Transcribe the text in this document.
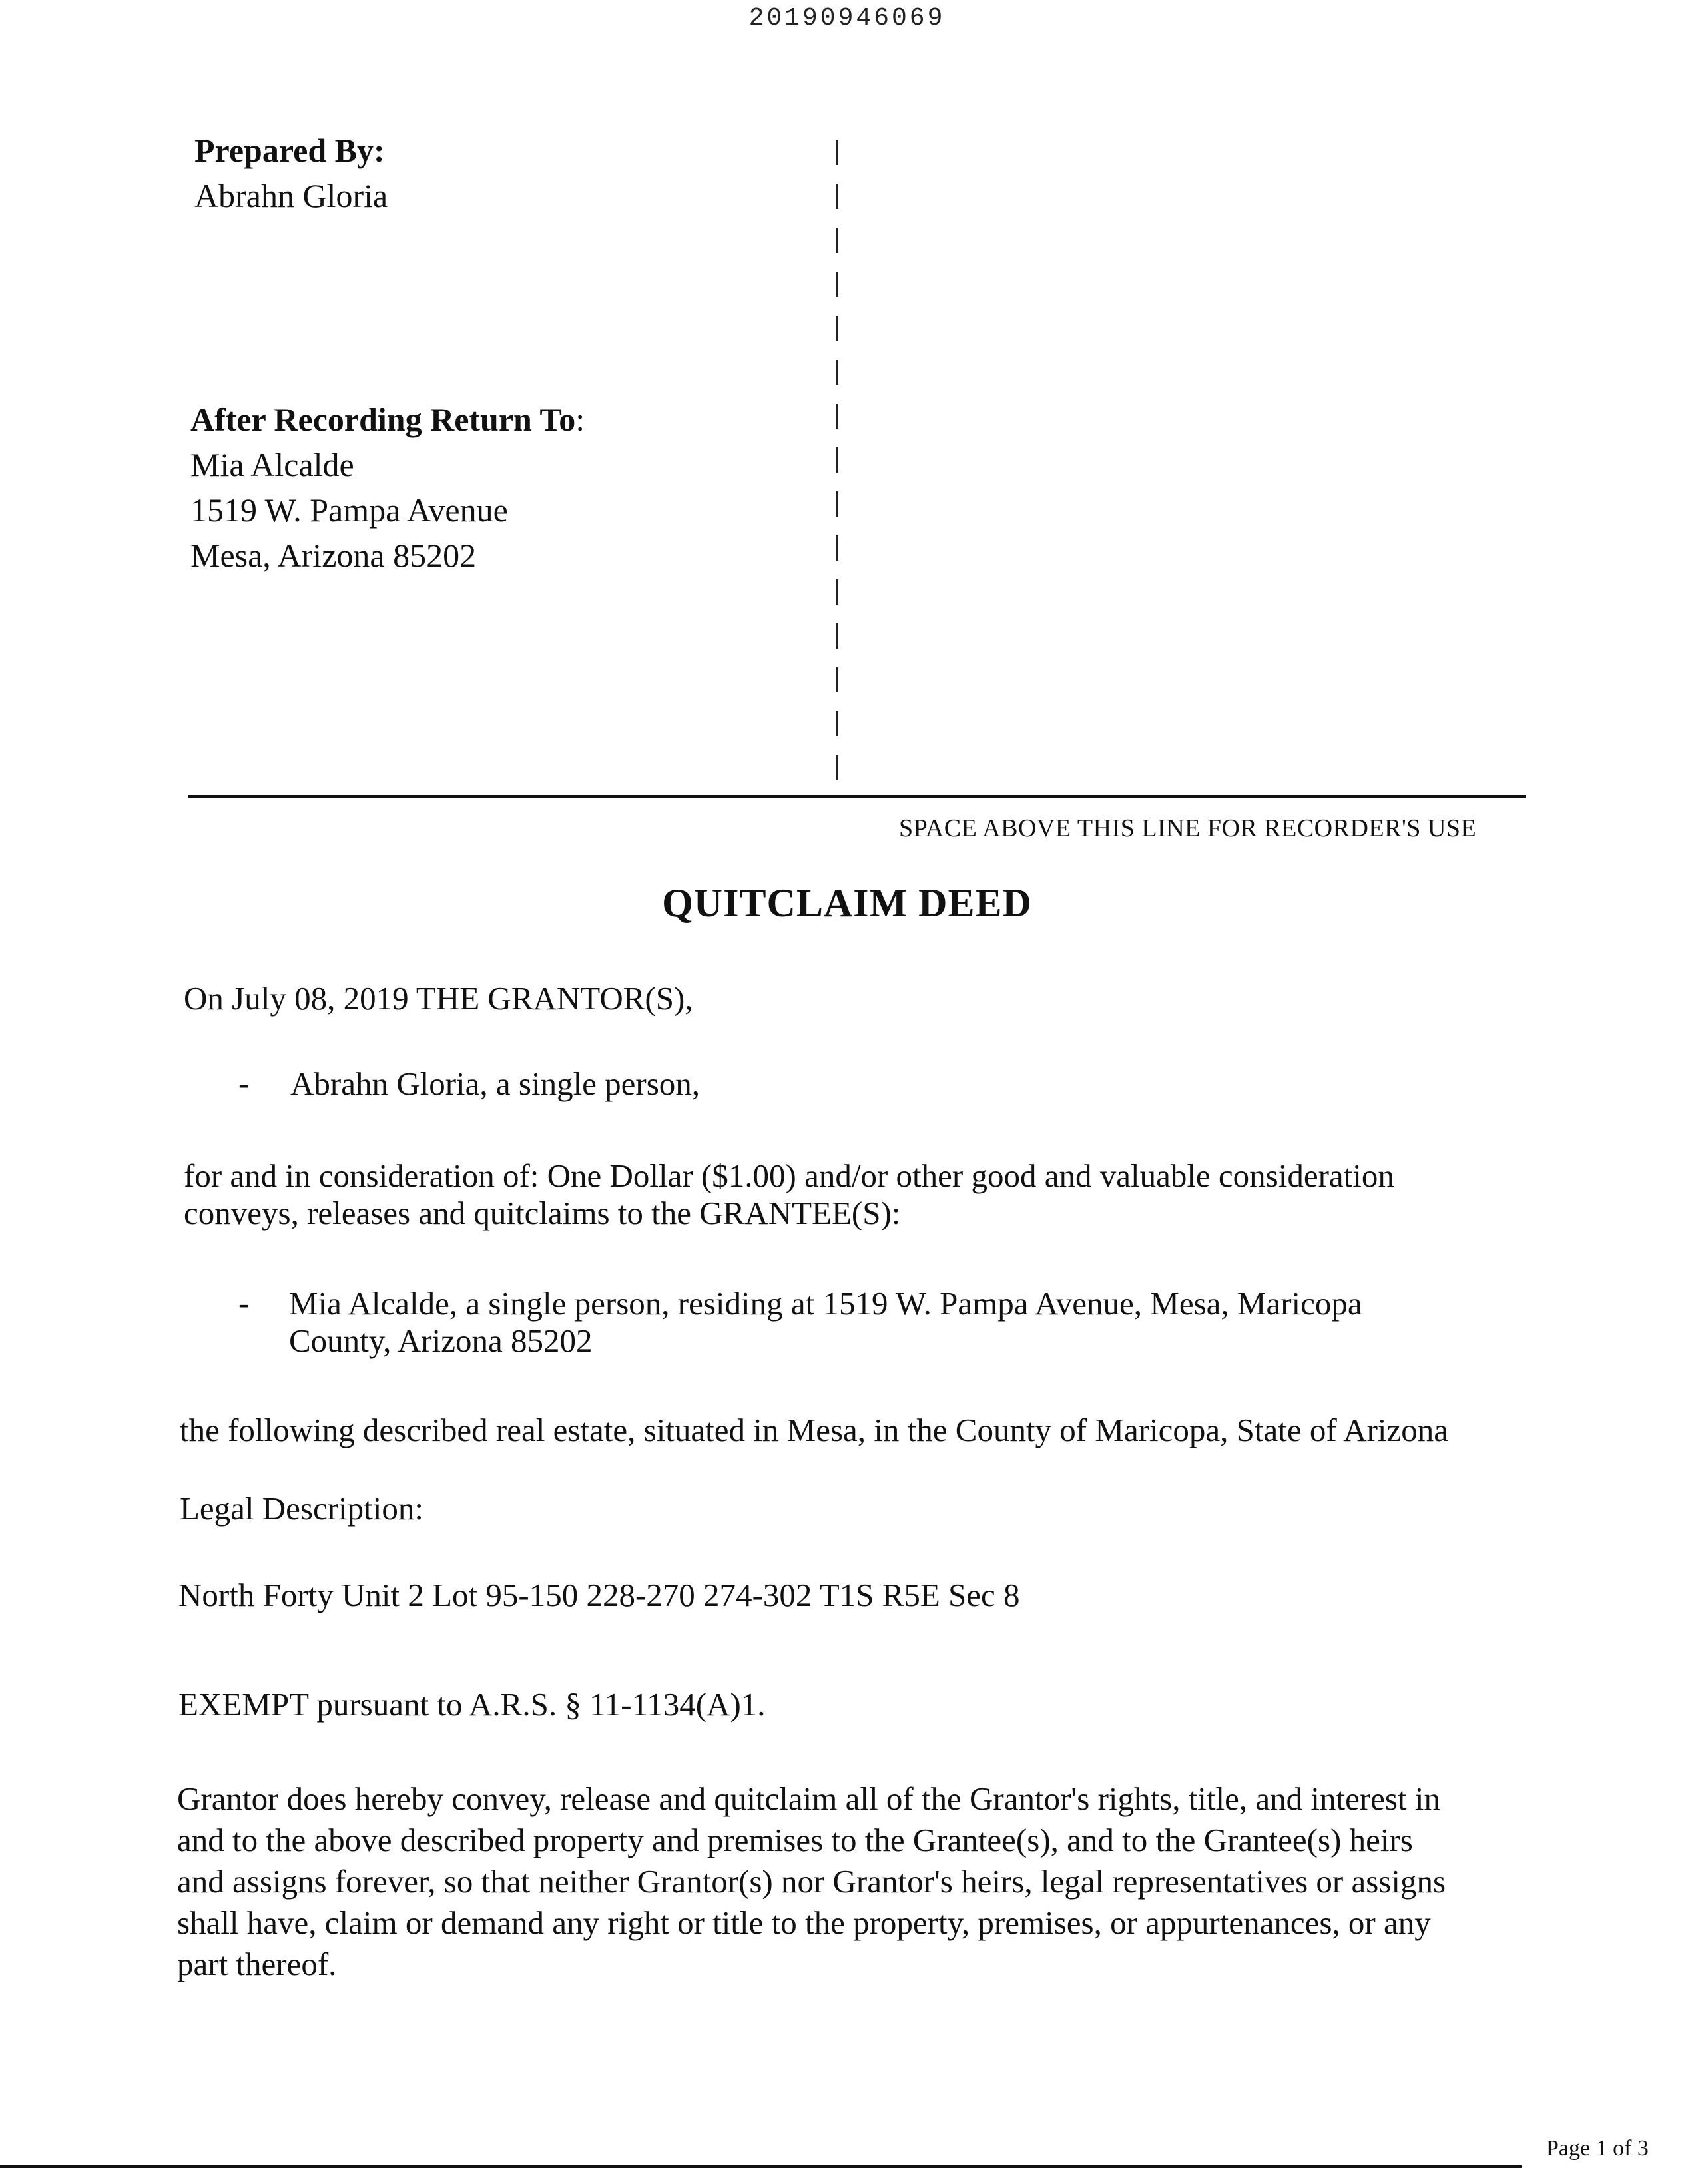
20190946069
Prepared By:
Abrahn Gloria
After Recording Return To:
Mia Alcalde
1519 W. Pampa Avenue
Mesa, Arizona 85202
SPACE ABOVE THIS LINE FOR RECORDER'S USE
QUITCLAIM DEED
On July 08, 2019 THE GRANTOR(S),
- Abrahn Gloria, a single person,
for and in consideration of: One Dollar ($1.00) and/or other good and valuable consideration
conveys, releases and quitclaims to the GRANTEE(S):
- Mia Alcalde, a single person, residing at 1519 W. Pampa Avenue, Mesa, Maricopa
County, Arizona 85202
the following described real estate, situated in Mesa, in the County of Maricopa, State of Arizona
Legal Description:
North Forty Unit 2 Lot 95-150 228-270 274-302 T1S R5E Sec 8
EXEMPT pursuant to A.R.S. § 11-1134(A)1.
Grantor does hereby convey, release and quitclaim all of the Grantor's rights, title, and interest in
and to the above described property and premises to the Grantee(s), and to the Grantee(s) heirs
and assigns forever, so that neither Grantor(s) nor Grantor's heirs, legal representatives or assigns
shall have, claim or demand any right or title to the property, premises, or appurtenances, or any
part thereof.
Page 1 of 3
